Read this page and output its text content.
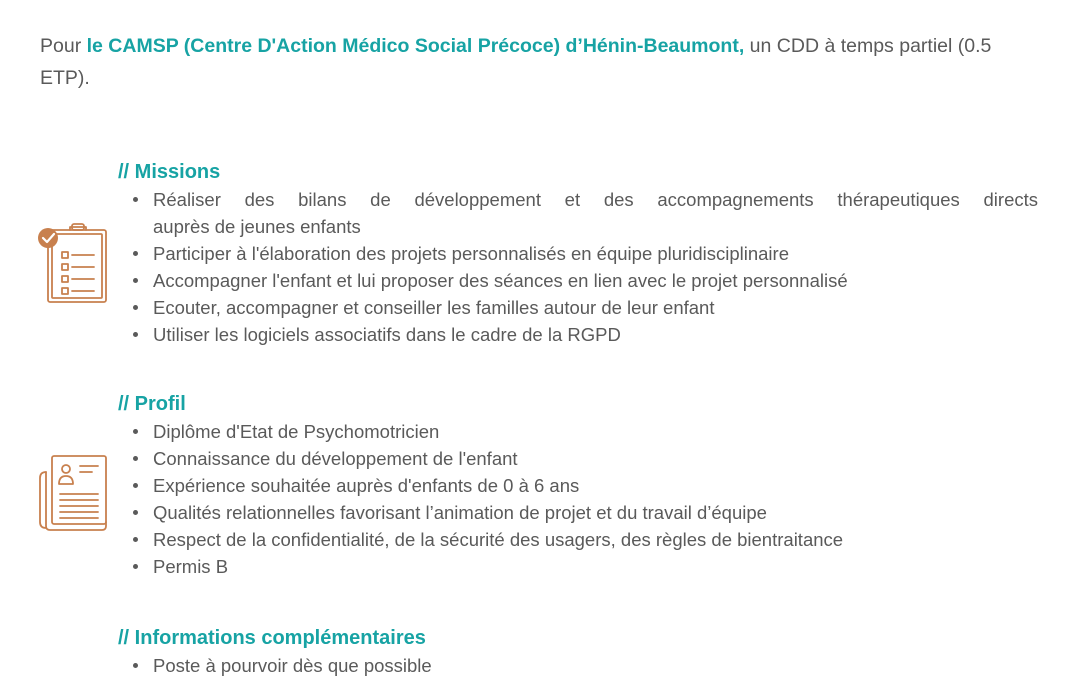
Pour le CAMSP (Centre D'Action Médico Social Précoce) d’Hénin-Beaumont, un CDD à temps partiel (0.5 ETP).

// Missions
Réaliser des bilans de développement et des accompagnements thérapeutiques directs
auprès de jeunes enfants
Participer à l'élaboration des projets personnalisés en équipe pluridisciplinaire
Accompagner l'enfant et lui proposer des séances en lien avec le projet personnalisé
Ecouter, accompagner et conseiller les familles autour de leur enfant
Utiliser les logiciels associatifs dans le cadre de la RGPD
// Profil
Diplôme d'Etat de Psychomotricien
Connaissance du développement de l'enfant
Expérience souhaitée auprès d'enfants de 0 à 6 ans
Qualités relationnelles favorisant l’animation de projet et du travail d’équipe
Respect de la confidentialité, de la sécurité des usagers, des règles de bientraitance
Permis B
// Informations complémentaires
Poste à pourvoir dès que possible
